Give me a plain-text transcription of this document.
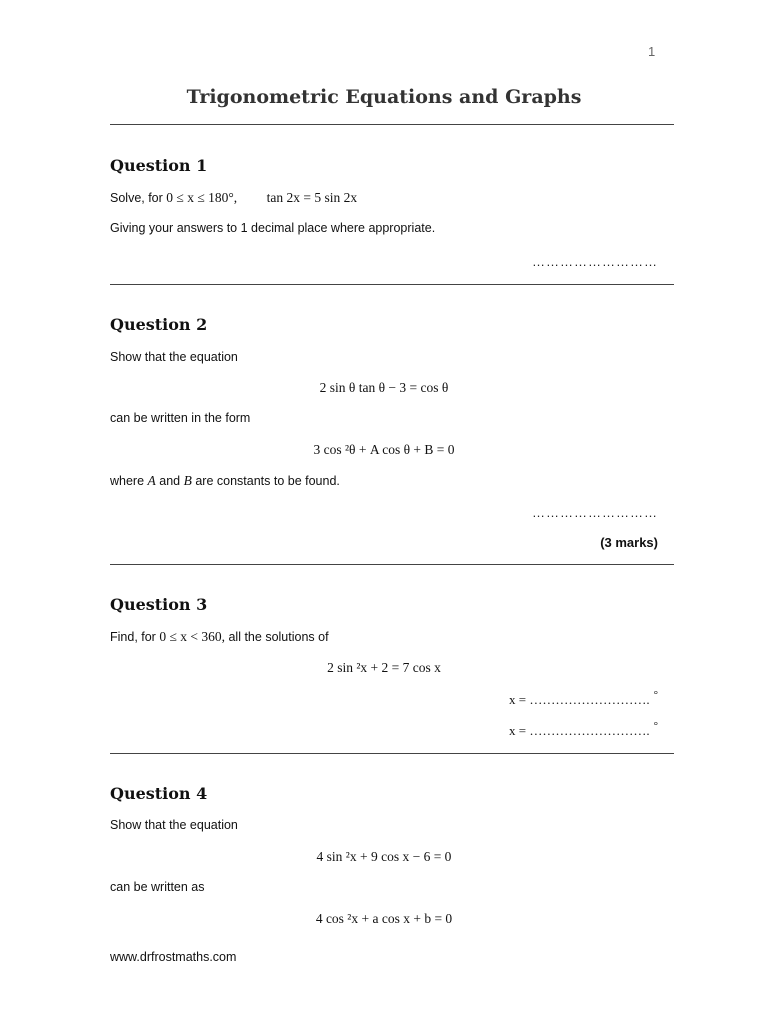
1
Trigonometric Equations and Graphs
Question 1
Solve, for 0 ≤ x ≤ 180°, tan 2x = 5 sin 2x
Giving your answers to 1 decimal place where appropriate.
………………………
Question 2
Show that the equation
2 sin θ tan θ − 3 = cos θ
can be written in the form
3 cos ²θ + A cos θ + B = 0
where A and B are constants to be found.
………………………
(3 marks)
Question 3
Find, for 0 ≤ x < 360, all the solutions of
2 sin ²x + 2 = 7 cos x
x = ………………………. °
x = ………………………. °
Question 4
Show that the equation
4 sin ²x + 9 cos x − 6 = 0
can be written as
4 cos ²x + a cos x + b = 0
www.drfrostmaths.com
